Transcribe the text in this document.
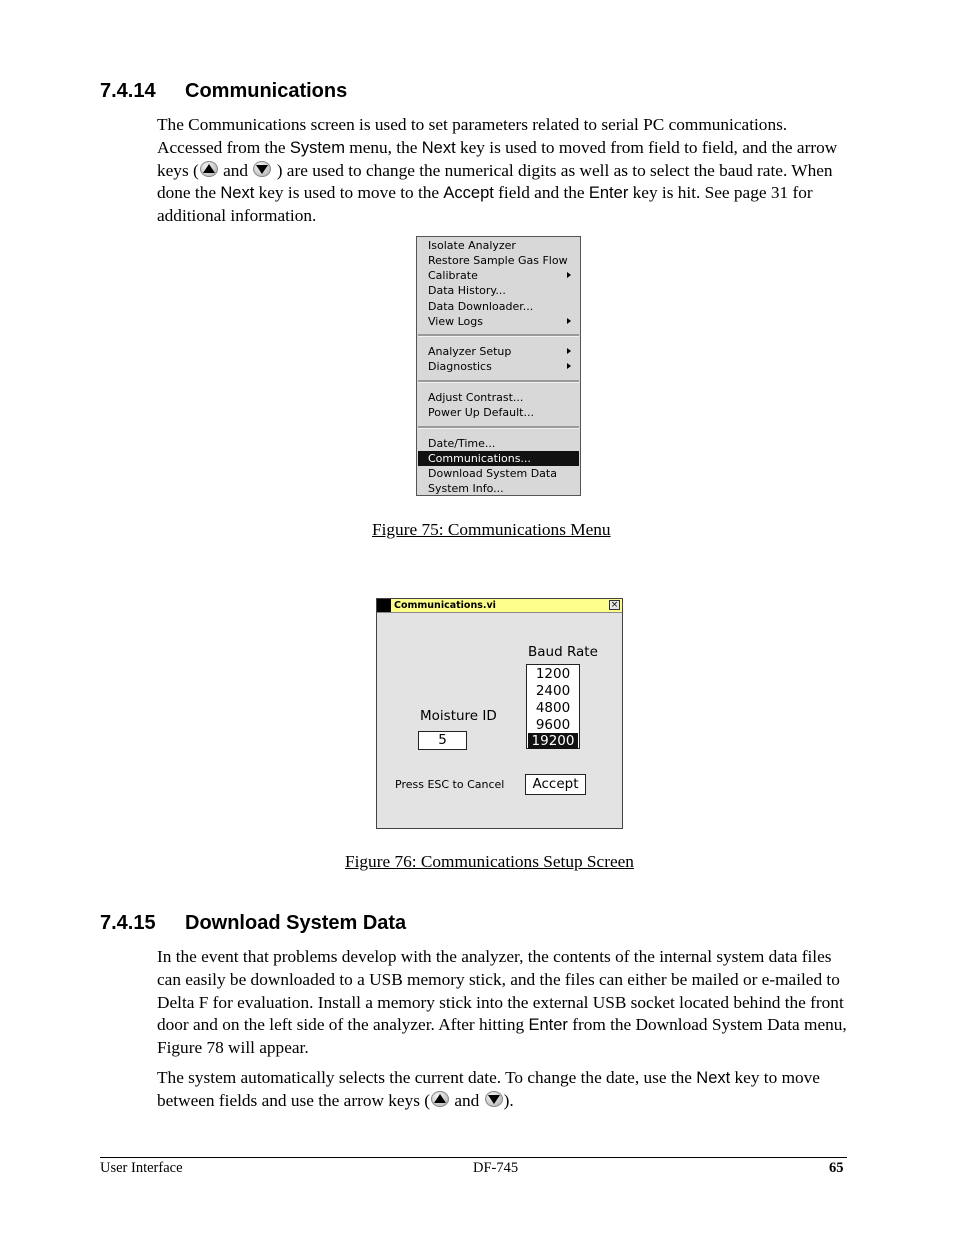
7.4.14 Communications
The Communications screen is used to set parameters related to serial PC communications. Accessed from the System menu, the Next key is used to moved from field to field, and the arrow keys ( and ) are used to change the numerical digits as well as to select the baud rate. When done the Next key is used to move to the Accept field and the Enter key is hit. See page 31 for additional information.
Isolate Analyzer
Restore Sample Gas Flow
Calibrate
Data History...
Data Downloader...
View Logs
Analyzer Setup
Diagnostics
Adjust Contrast...
Power Up Default...
Date/Time...
Communications...
Download System Data
System Info...
Figure 75: Communications Menu
Communications.vi	×
Baud Rate
1200
2400
4800
9600
19200
Moisture ID
5
Press ESC to Cancel	Accept
Figure 76: Communications Setup Screen
7.4.15 Download System Data
In the event that problems develop with the analyzer, the contents of the internal system data files can easily be downloaded to a USB memory stick, and the files can either be mailed or e-mailed to Delta F for evaluation. Install a memory stick into the external USB socket located behind the front door and on the left side of the analyzer. After hitting Enter from the Download System Data menu, Figure 78 will appear.
The system automatically selects the current date. To change the date, use the Next key to move between fields and use the arrow keys ( and ).
User Interface	DF-745	65
